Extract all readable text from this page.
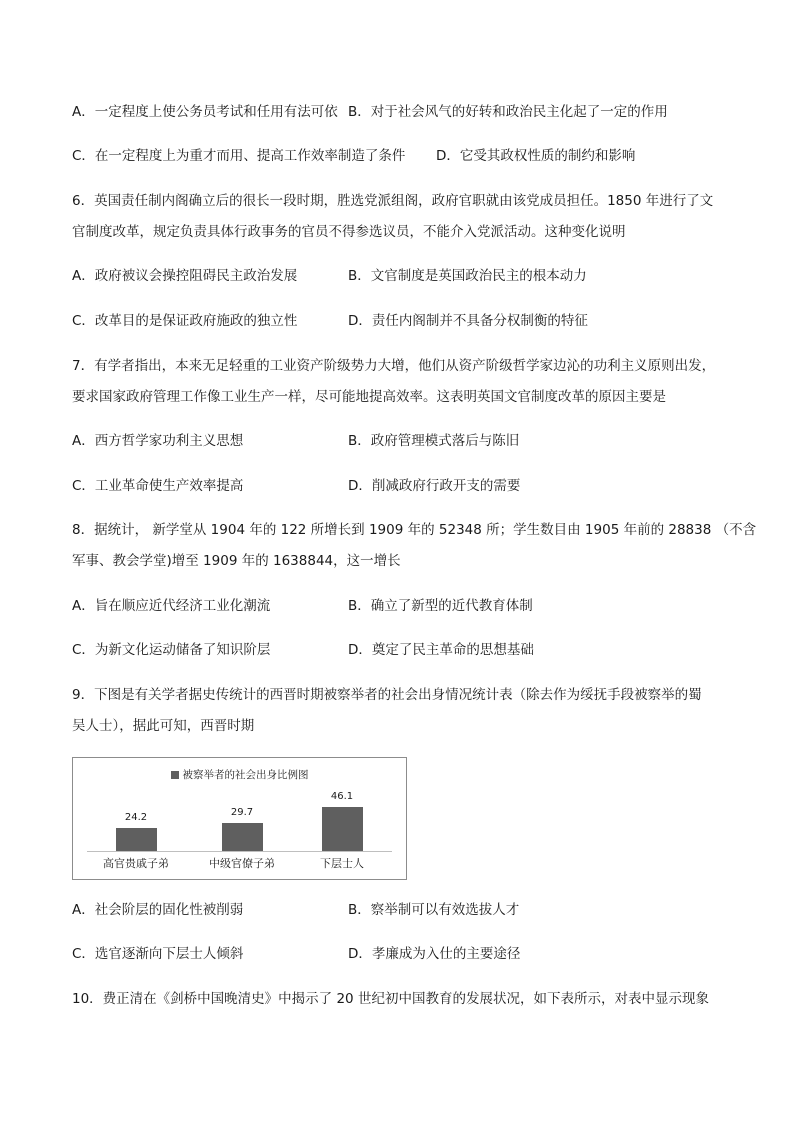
A．一定程度上使公务员考试和任用有法可依 B．对于社会风气的好转和政治民主化起了一定的作用
C．在一定程度上为重才而用、提高工作效率制造了条件 D．它受其政权性质的制约和影响
6．英国责任制内阁确立后的很长一段时期，胜选党派组阁，政府官职就由该党成员担任。1850 年进行了文
官制度改革，规定负责具体行政事务的官员不得参选议员，不能介入党派活动。这种变化说明
A．政府被议会操控阻碍民主政治发展	B．文官制度是英国政治民主的根本动力
C．改革目的是保证政府施政的独立性	D．责任内阁制并不具备分权制衡的特征
7．有学者指出，本来无足轻重的工业资产阶级势力大增，他们从资产阶级哲学家边沁的功利主义原则出发，
要求国家政府管理工作像工业生产一样，尽可能地提高效率。这表明英国文官制度改革的原因主要是
A．西方哲学家功利主义思想	B．政府管理模式落后与陈旧
C．工业革命使生产效率提高	D．削减政府行政开支的需要
8．据统计， 新学堂从 1904 年的 122 所增长到 1909 年的 52348 所；学生数目由 1905 年前的 28838 （不含
军事、教会学堂)增至 1909 年的 1638844，这一增长
A．旨在顺应近代经济工业化潮流	B．确立了新型的近代教育体制
C．为新文化运动储备了知识阶层	D．奠定了民主革命的思想基础
9．下图是有关学者据史传统计的西晋时期被察举者的社会出身情况统计表（除去作为绥抚手段被察举的蜀
吴人士），据此可知，西晋时期
被察举者的社会出身比例图
24.2	29.7
46.1
高官贵戚子弟	中级官僚子弟	下层士人
A．社会阶层的固化性被削弱	B．察举制可以有效选拔人才
C．选官逐渐向下层士人倾斜	D．孝廉成为入仕的主要途径
10．费正清在《剑桥中国晚清史》中揭示了 20 世纪初中国教育的发展状况，如下表所示，对表中显示现象
